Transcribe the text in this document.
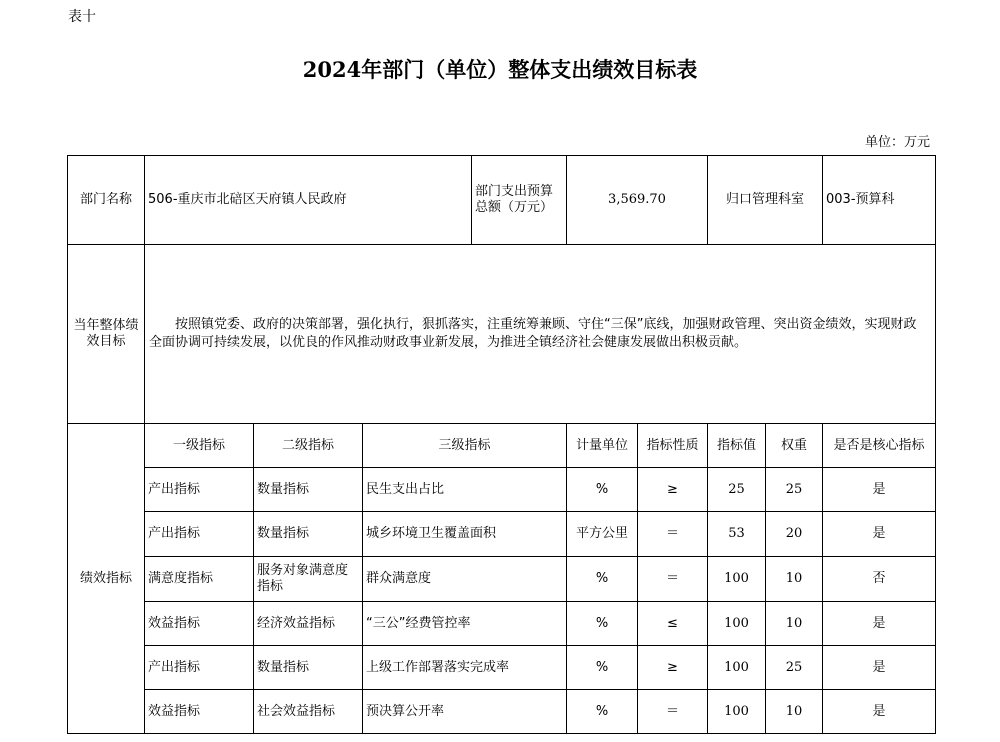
表十
2024年部门（单位）整体支出绩效目标表
单位：万元
部门名称	506-重庆市北碚区天府镇人民政府			部门支出预算总额（万元）	3,569.70		归口管理科室		003-预算科
当年整体绩效目标	按照镇党委、政府的决策部署，强化执行，狠抓落实，注重统筹兼顾、守住“三保”底线，加强财政管理、突出资金绩效，实现财政全面协调可持续发展，以优良的作风推动财政事业新发展，为推进全镇经济社会健康发展做出积极贡献。								
绩效指标	一级指标	二级指标	三级指标		计量单位	指标性质	指标值	权重	是否是核心指标
	产出指标	数量指标	民生支出占比		%	≥	25	25	是
	产出指标	数量指标	城乡环境卫生覆盖面积		平方公里	＝	53	20	是
	满意度指标	服务对象满意度指标	群众满意度		%	＝	100	10	否
	效益指标	经济效益指标	“三公”经费管控率		%	≤	100	10	是
	产出指标	数量指标	上级工作部署落实完成率		%	≥	100	25	是
	效益指标	社会效益指标	预决算公开率		%	＝	100	10	是
